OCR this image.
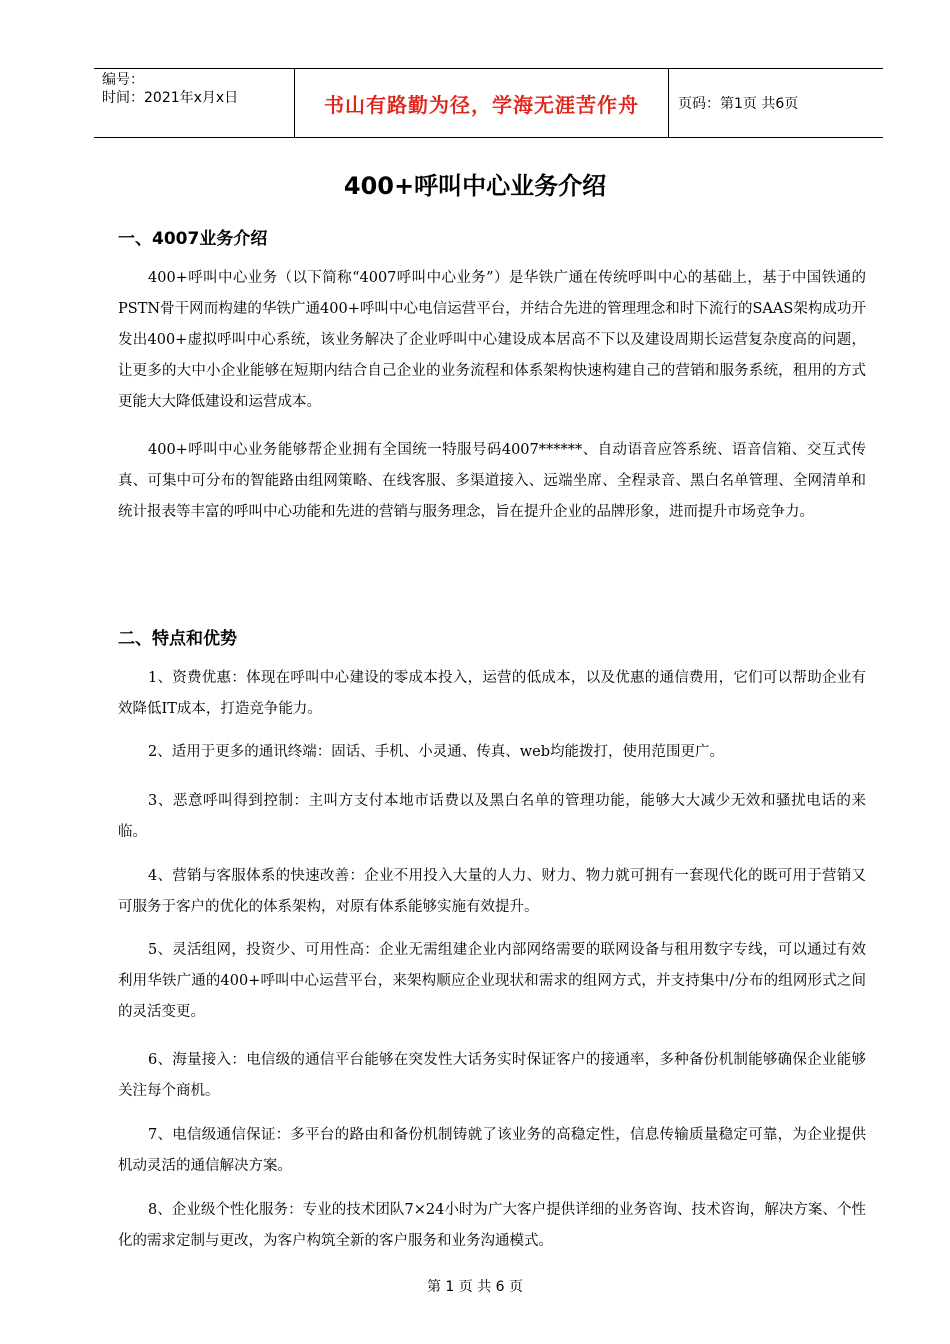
编号：
时间：2021年x月x日	书山有路勤为径，学海无涯苦作舟	页码：第1页 共6页
400+呼叫中心业务介绍
一、4007业务介绍
400+呼叫中心业务（以下简称“4007呼叫中心业务”）是华铁广通在传统呼叫中心的基础上，基于中国铁通的PSTN骨干网而构建的华铁广通400+呼叫中心电信运营平台，并结合先进的管理理念和时下流行的SAAS架构成功开发出400+虚拟呼叫中心系统，该业务解决了企业呼叫中心建设成本居高不下以及建设周期长运营复杂度高的问题，让更多的大中小企业能够在短期内结合自己企业的业务流程和体系架构快速构建自己的营销和服务系统，租用的方式更能大大降低建设和运营成本。
400+呼叫中心业务能够帮企业拥有全国统一特服号码4007******、自动语音应答系统、语音信箱、交互式传真、可集中可分布的智能路由组网策略、在线客服、多渠道接入、远端坐席、全程录音、黑白名单管理、全网清单和统计报表等丰富的呼叫中心功能和先进的营销与服务理念，旨在提升企业的品牌形象，进而提升市场竞争力。
二、特点和优势
1、资费优惠：体现在呼叫中心建设的零成本投入，运营的低成本，以及优惠的通信费用，它们可以帮助企业有效降低IT成本，打造竞争能力。
2、适用于更多的通讯终端：固话、手机、小灵通、传真、web均能拨打，使用范围更广。
3、恶意呼叫得到控制：主叫方支付本地市话费以及黑白名单的管理功能，能够大大减少无效和骚扰电话的来临。
4、营销与客服体系的快速改善：企业不用投入大量的人力、财力、物力就可拥有一套现代化的既可用于营销又可服务于客户的优化的体系架构，对原有体系能够实施有效提升。
5、灵活组网，投资少、可用性高：企业无需组建企业内部网络需要的联网设备与租用数字专线，可以通过有效利用华铁广通的400+呼叫中心运营平台，来架构顺应企业现状和需求的组网方式，并支持集中/分布的组网形式之间的灵活变更。
6、海量接入：电信级的通信平台能够在突发性大话务实时保证客户的接通率，多种备份机制能够确保企业能够关注每个商机。
7、电信级通信保证：多平台的路由和备份机制铸就了该业务的高稳定性，信息传输质量稳定可靠，为企业提供机动灵活的通信解决方案。
8、企业级个性化服务：专业的技术团队7×24小时为广大客户提供详细的业务咨询、技术咨询，解决方案、个性化的需求定制与更改，为客户构筑全新的客户服务和业务沟通模式。
第 1 页 共 6 页
